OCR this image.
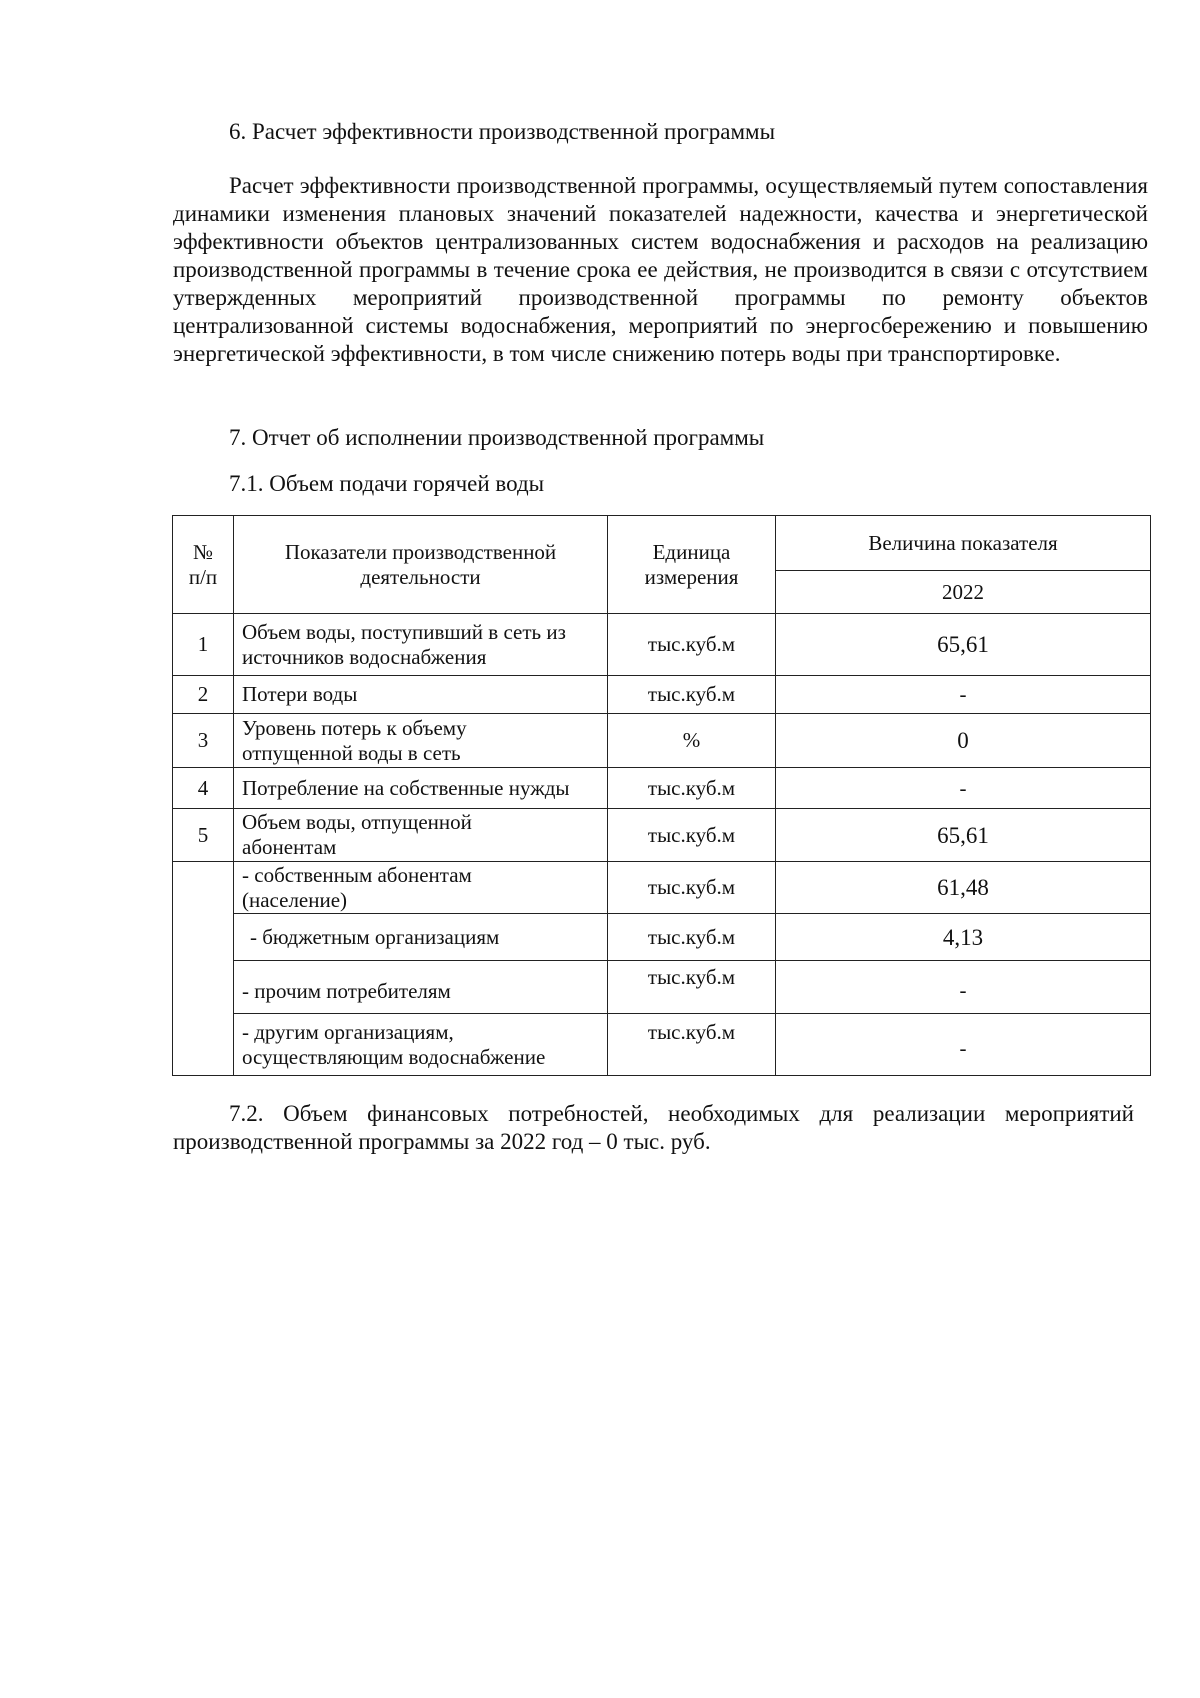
6. Расчет эффективности производственной программы
Расчет эффективности производственной программы, осуществляемый путем сопоставления динамики изменения плановых значений показателей надежности, качества и энергетической эффективности объектов централизованных систем водоснабжения и расходов на реализацию производственной программы в течение срока ее действия, не производится в связи с отсутствием утвержденных мероприятий производственной программы по ремонту объектов централизованной системы водоснабжения, мероприятий по энергосбережению и повышению энергетической эффективности, в том числе снижению потерь воды при транспортировке.
7. Отчет об исполнении производственной программы
7.1. Объем подачи горячей воды
№ п/п	Показатели производственной деятельности	Единица измерения	Величина показателя
			2022
1	Объем воды, поступивший в сеть из источников водоснабжения	тыс.куб.м	65,61
2	Потери воды	тыс.куб.м	-
3	Уровень потерь к объему отпущенной воды в сеть	%	0
4	Потребление на собственные нужды	тыс.куб.м	-
5	Объем воды, отпущенной абонентам	тыс.куб.м	65,61
	- собственным абонентам (население)	тыс.куб.м	61,48
	- бюджетным организациям	тыс.куб.м	4,13
	- прочим потребителям	тыс.куб.м	-
	- другим организациям, осуществляющим водоснабжение	тыс.куб.м	-
7.2. Объем финансовых потребностей, необходимых для реализации мероприятий производственной программы за 2022 год – 0 тыс. руб.
